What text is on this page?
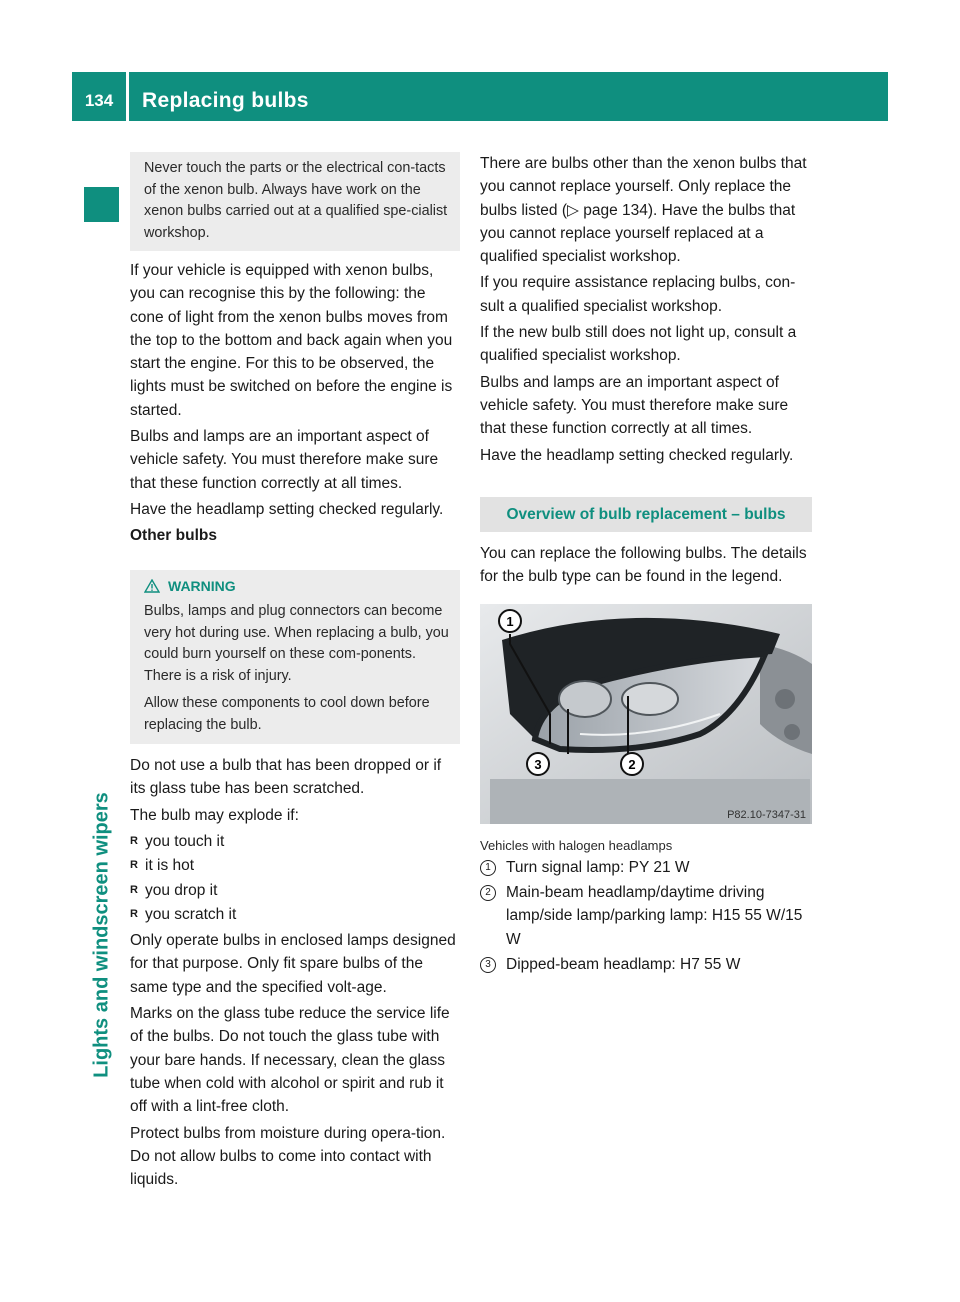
134	Replacing bulbs
Lights and windscreen wipers
Never touch the parts or the electrical con-tacts of the xenon bulb. Always have work on the xenon bulbs carried out at a qualified spe-cialist workshop.

If your vehicle is equipped with xenon bulbs, you can recognise this by the following: the cone of light from the xenon bulbs moves from the top to the bottom and back again when you start the engine. For this to be observed, the lights must be switched on before the engine is started.

Bulbs and lamps are an important aspect of vehicle safety. You must therefore make sure that these function correctly at all times.

Have the headlamp setting checked regularly.

Other bulbs

WARNING

Bulbs, lamps and plug connectors can become very hot during use. When replacing a bulb, you could burn yourself on these com-ponents. There is a risk of injury.

Allow these components to cool down before replacing the bulb.

Do not use a bulb that has been dropped or if its glass tube has been scratched.

The bulb may explode if:

R you touch it
R it is hot
R you drop it
R you scratch it

Only operate bulbs in enclosed lamps designed for that purpose. Only fit spare bulbs of the same type and the specified volt-age.

Marks on the glass tube reduce the service life of the bulbs. Do not touch the glass tube with your bare hands. If necessary, clean the glass tube when cold with alcohol or spirit and rub it off with a lint-free cloth.

Protect bulbs from moisture during opera-tion. Do not allow bulbs to come into contact with liquids.

There are bulbs other than the xenon bulbs that you cannot replace yourself. Only replace the bulbs listed (▷ page 134). Have the bulbs that you cannot replace yourself replaced at a qualified specialist workshop.

If you require assistance replacing bulbs, con-sult a qualified specialist workshop.

If the new bulb still does not light up, consult a qualified specialist workshop.

Bulbs and lamps are an important aspect of vehicle safety. You must therefore make sure that these function correctly at all times.

Have the headlamp setting checked regularly.

Overview of bulb replacement – bulbs

You can replace the following bulbs. The details for the bulb type can be found in the legend.

1
3	2
P82.10-7347-31
Vehicles with halogen headlamps
1 Turn signal lamp: PY 21 W
2 Main-beam headlamp/daytime driving lamp/side lamp/parking lamp: H15 55 W/15 W
3 Dipped-beam headlamp: H7 55 W
